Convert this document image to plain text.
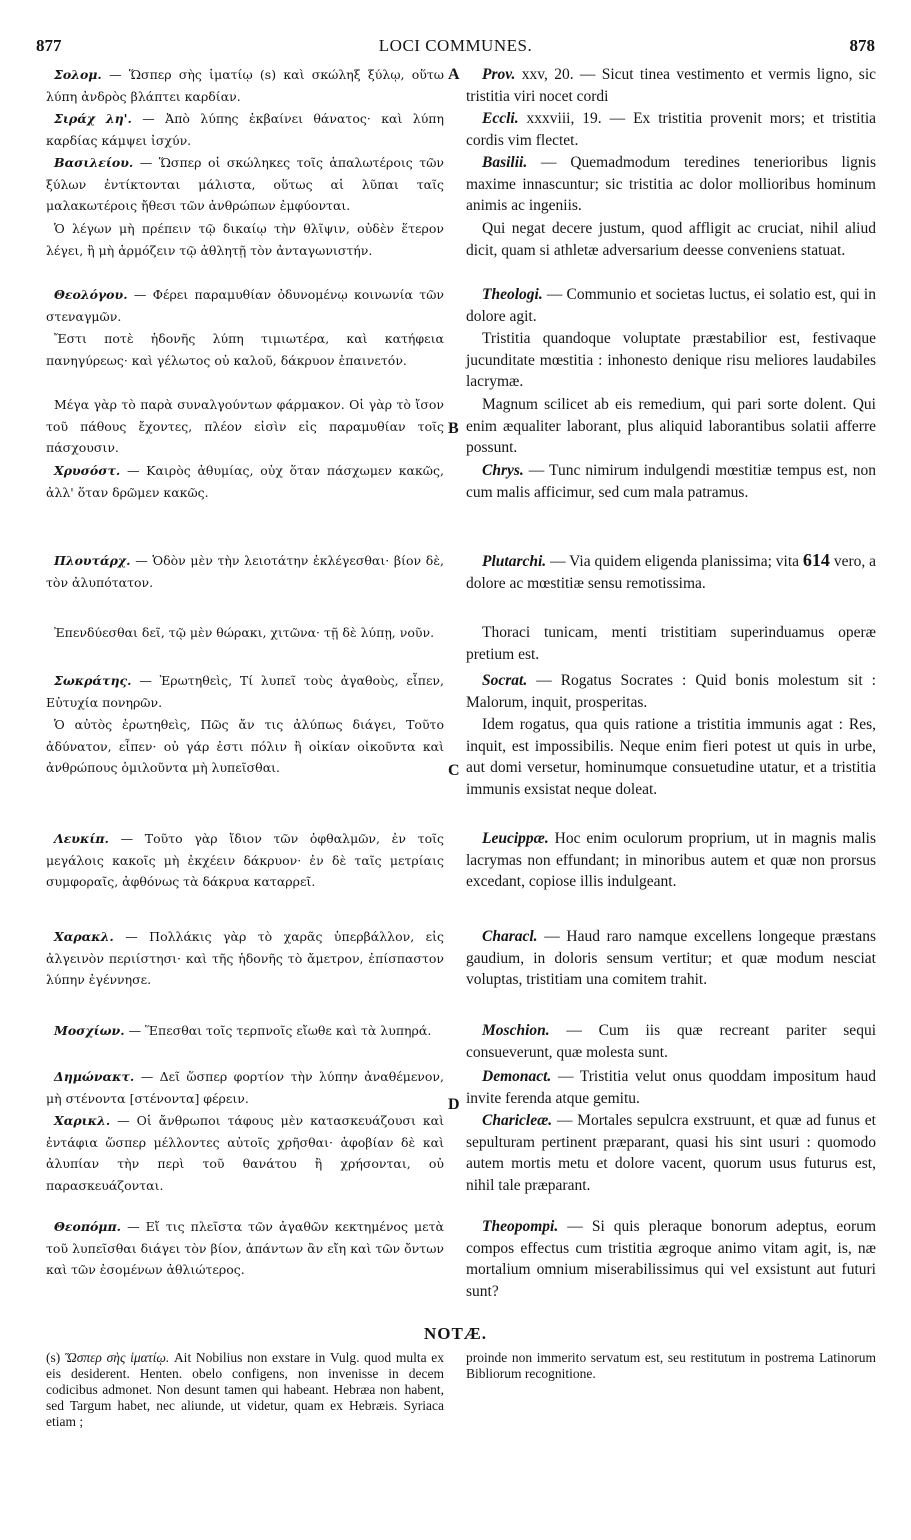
877	LOCI COMMUNES.	878
Σολομ. — Ὥσπερ σὴς ἱματίῳ (s) καὶ σκώληξ ξύλῳ, οὕτω λύπη ἀνδρὸς βλάπτει καρδίαν.
Σιράχ λη'. — Ἀπὸ λύπης ἐκβαίνει θάνατος· καὶ λύπη καρδίας κάμψει ἰσχύν.
Βασιλείου. — Ὥσπερ οἱ σκώληκες τοῖς ἁπαλωτέροις τῶν ξύλων ἐντίκτονται μάλιστα, οὕτως αἱ λῦπαι ταῖς μαλακωτέροις ἤθεσι τῶν ἀνθρώπων ἐμφύονται.
Ὁ λέγων μὴ πρέπειν τῷ δικαίῳ τὴν θλῖψιν, οὐδὲν ἕτερον λέγει, ἢ μὴ ἁρμόζειν τῷ ἀθλητῇ τὸν ἀνταγωνιστήν.
Θεολόγου. — Φέρει παραμυθίαν ὀδυνομένῳ κοινωνία τῶν στεναγμῶν.
Ἔστι ποτὲ ἡδονῆς λύπη τιμιωτέρα, καὶ κατήφεια πανηγύρεως· καὶ γέλωτος οὐ καλοῦ, δάκρυον ἐπαινετόν.
Μέγα γὰρ τὸ παρὰ συναλγούντων φάρμακον. Οἱ γὰρ τὸ ἴσον τοῦ πάθους ἔχοντες, πλέον εἰσὶν εἰς παραμυθίαν τοῖς πάσχουσιν.
Χρυσόστ. — Καιρὸς ἀθυμίας, οὐχ ὅταν πάσχωμεν κακῶς, ἀλλ' ὅταν δρῶμεν κακῶς.
Πλουτάρχ. — Ὁδὸν μὲν τὴν λειοτάτην ἐκλέγεσθαι· βίον δὲ, τὸν ἀλυπότατον.
Ἐπενδύεσθαι δεῖ, τῷ μὲν θώρακι, χιτῶνα· τῇ δὲ λύπῃ, νοῦν.
Σωκράτης. — Ἐρωτηθεὶς, Τί λυπεῖ τοὺς ἀγαθοὺς, εἶπεν, Εὐτυχία πονηρῶν.
Ὁ αὐτὸς ἐρωτηθεὶς, Πῶς ἄν τις ἀλύπως διάγει, Τοῦτο ἀδύνατον, εἶπεν· οὐ γάρ ἐστι πόλιν ἢ οἰκίαν οἰκοῦντα καὶ ἀνθρώπους ὁμιλοῦντα μὴ λυπεῖσθαι.
Λευκίπ. — Τοῦτο γὰρ ἴδιον τῶν ὀφθαλμῶν, ἐν τοῖς μεγάλοις κακοῖς μὴ ἐκχέειν δάκρυον· ἐν δὲ ταῖς μετρίαις συμφοραῖς, ἀφθόνως τὰ δάκρυα καταρρεῖ.
Χαρακλ. — Πολλάκις γὰρ τὸ χαρᾶς ὑπερβάλλον, εἰς ἀλγεινὸν περιίστησι· καὶ τῆς ἡδονῆς τὸ ἄμετρον, ἐπίσπαστον λύπην ἐγέννησε.
Μοσχίων. — Ἕπεσθαι τοῖς τερπνοῖς εἴωθε καὶ τὰ λυπηρά.
Δημώνακτ. — Δεῖ ὥσπερ φορτίον τὴν λύπην ἀναθέμενον, μὴ στένοντα [στένοντα] φέρειν.
Χαρικλ. — Οἱ ἄνθρωποι τάφους μὲν κατασκευάζουσι καὶ ἐντάφια ὥσπερ μέλλοντες αὐτοῖς χρῆσθαι· ἀφοβίαν δὲ καὶ ἀλυπίαν τὴν περὶ τοῦ θανάτου ἢ χρήσονται, οὐ παρασκευάζονται.
Θεοπόμπ. — Εἴ τις πλεῖστα τῶν ἀγαθῶν κεκτημένος μετὰ τοῦ λυπεῖσθαι διάγει τὸν βίον, ἁπάντων ἂν εἴη καὶ τῶν ὄντων καὶ τῶν ἐσομένων ἀθλιώτερος.
A
B
C
D
Prov. xxv, 20. — Sicut tinea vestimento et vermis ligno, sic tristitia viri nocet cordi
Eccli. xxxviii, 19. — Ex tristitia provenit mors; et tristitia cordis vim flectet.
Basilii. — Quemadmodum teredines tenerioribus lignis maxime innascuntur; sic tristitia ac dolor mollioribus hominum animis ac ingeniis.
Qui negat decere justum, quod affligit ac cruciat, nihil aliud dicit, quam si athletæ adversarium deesse conveniens statuat.
Theologi. — Communio et societas luctus, ei solatio est, qui in dolore agit.
Tristitia quandoque voluptate præstabilior est, festivaque jucunditate mœstitia : inhonesto denique risu meliores laudabiles lacrymæ.
Magnum scilicet ab eis remedium, qui pari sorte dolent. Qui enim æqualiter laborant, plus aliquid laborantibus solatii afferre possunt.
Chrys. — Tunc nimirum indulgendi mœstitiæ tempus est, non cum malis afficimur, sed cum mala patramus.
Plutarchi. — Via quidem eligenda planissima; vita 614 vero, a dolore ac mœstitiæ sensu remotissima.
Thoraci tunicam, menti tristitiam superinduamus operæ pretium est.
Socrat. — Rogatus Socrates : Quid bonis molestum sit : Malorum, inquit, prosperitas.
Idem rogatus, qua quis ratione a tristitia immunis agat : Res, inquit, est impossibilis. Neque enim fieri potest ut quis in urbe, aut domi versetur, hominumque consuetudine utatur, et a tristitia immunis exsistat neque doleat.
Leucippæ. Hoc enim oculorum proprium, ut in magnis malis lacrymas non effundant; in minoribus autem et quæ non prorsus excedant, copiose illis indulgeant.
Characl. — Haud raro namque excellens longeque præstans gaudium, in doloris sensum vertitur; et quæ modum nesciat voluptas, tristitiam una comitem trahit.
Moschion. — Cum iis quæ recreant pariter sequi consueverunt, quæ molesta sunt.
Demonact. — Tristitia velut onus quoddam impositum haud invite ferenda atque gemitu.
Charicleæ. — Mortales sepulcra exstruunt, et quæ ad funus et sepulturam pertinent præparant, quasi his sint usuri : quomodo autem mortis metu et dolore vacent, quorum usus futurus est, nihil tale præparant.
Theopompi. — Si quis pleraque bonorum adeptus, eorum compos effectus cum tristitia ægroque animo vitam agit, is, næ mortalium omnium miserabilissimus qui vel exsistunt aut futuri sunt?
NOTÆ.
(s) Ὥσπερ σὴς ἱματίῳ. Ait Nobilius non exstare in Vulg. quod multa ex eis desiderent. Henten. obelo configens, non invenisse in decem codicibus admonet. Non desunt tamen qui habeant. Hebræa non habent, sed Targum habet, nec aliunde, ut videtur, quam ex Hebræis. Syriaca etiam ;
proinde non immerito servatum est, seu restitutum in postrema Latinorum Bibliorum recognitione.
